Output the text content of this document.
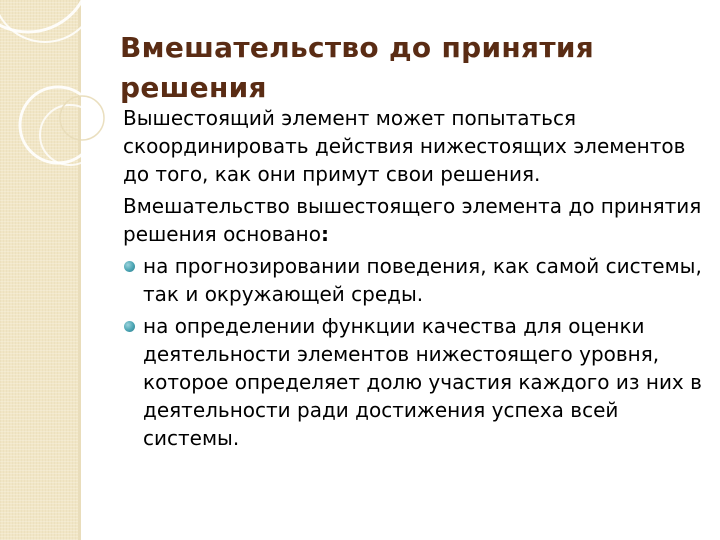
Вмешательство до принятия решения

Вышестоящий элемент может попытаться скоординировать действия нижестоящих элементов до того, как они примут свои решения.

Вмешательство вышестоящего элемента до принятия решения основано:

на прогнозировании поведения, как самой системы, так и окружающей среды.
на определении функции качества для оценки деятельности элементов нижестоящего уровня, которое определяет долю участия каждого из них в деятельности ради достижения успеха всей системы.
